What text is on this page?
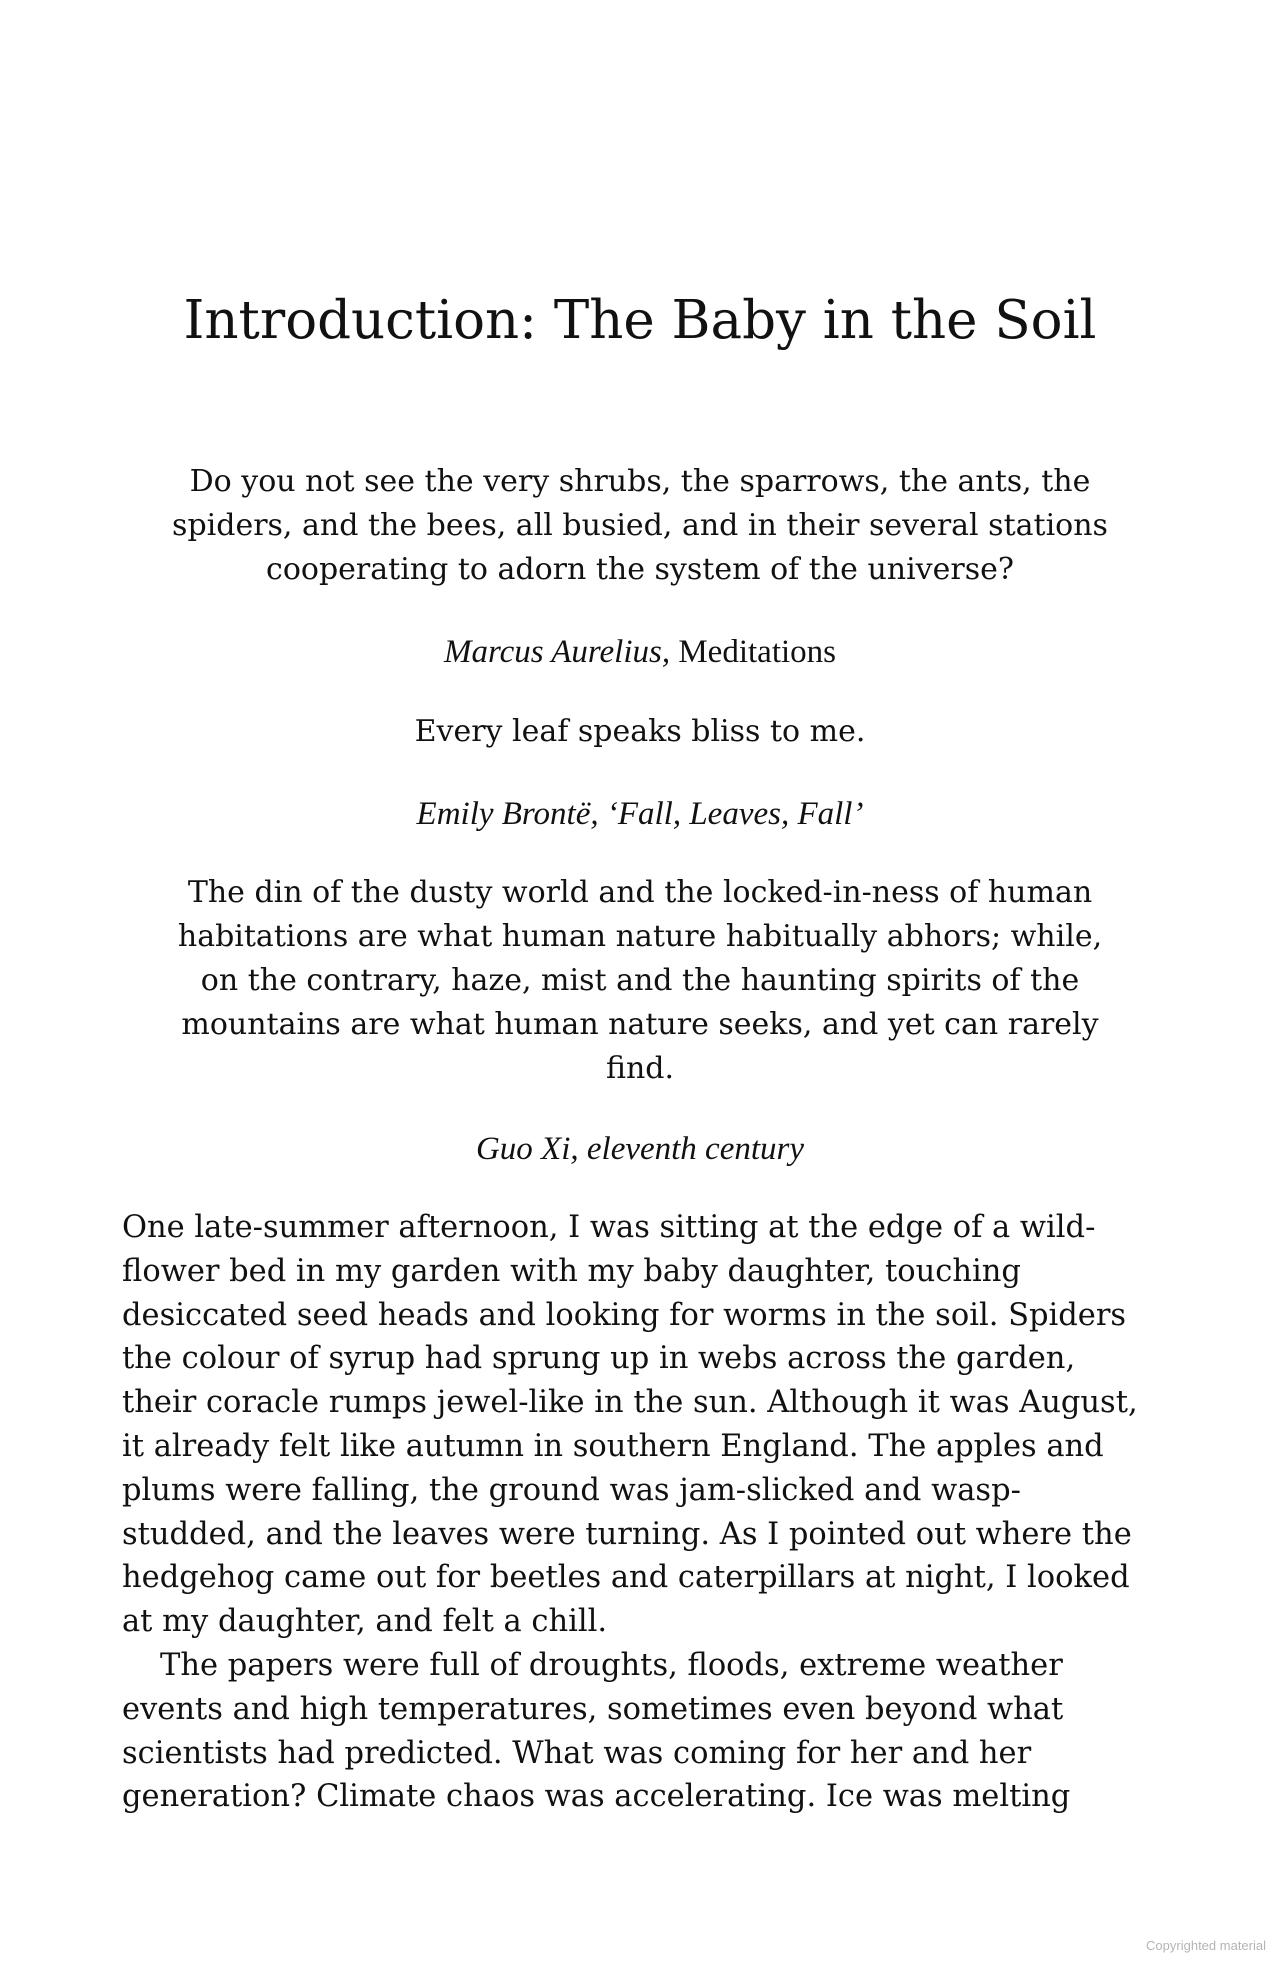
Introduction: The Baby in the Soil

Do you not see the very shrubs, the sparrows, the ants, the spiders, and the bees, all busied, and in their several stations cooperating to adorn the system of the universe?

Marcus Aurelius, Meditations

Every leaf speaks bliss to me.

Emily Brontë, ‘Fall, Leaves, Fall’

The din of the dusty world and the locked-in-ness of human habitations are what human nature habitually abhors; while, on the contrary, haze, mist and the haunting spirits of the mountains are what human nature seeks, and yet can rarely find.

Guo Xi, eleventh century

One late-summer afternoon, I was sitting at the edge of a wild-flower bed in my garden with my baby daughter, touching desiccated seed heads and looking for worms in the soil. Spiders the colour of syrup had sprung up in webs across the garden, their coracle rumps jewel-like in the sun. Although it was August, it already felt like autumn in southern England. The apples and plums were falling, the ground was jam-slicked and wasp-studded, and the leaves were turning. As I pointed out where the hedgehog came out for beetles and caterpillars at night, I looked at my daughter, and felt a chill.

The papers were full of droughts, floods, extreme weather events and high temperatures, sometimes even beyond what scientists had predicted. What was coming for her and her generation? Climate chaos was accelerating. Ice was melting

Copyrighted material
